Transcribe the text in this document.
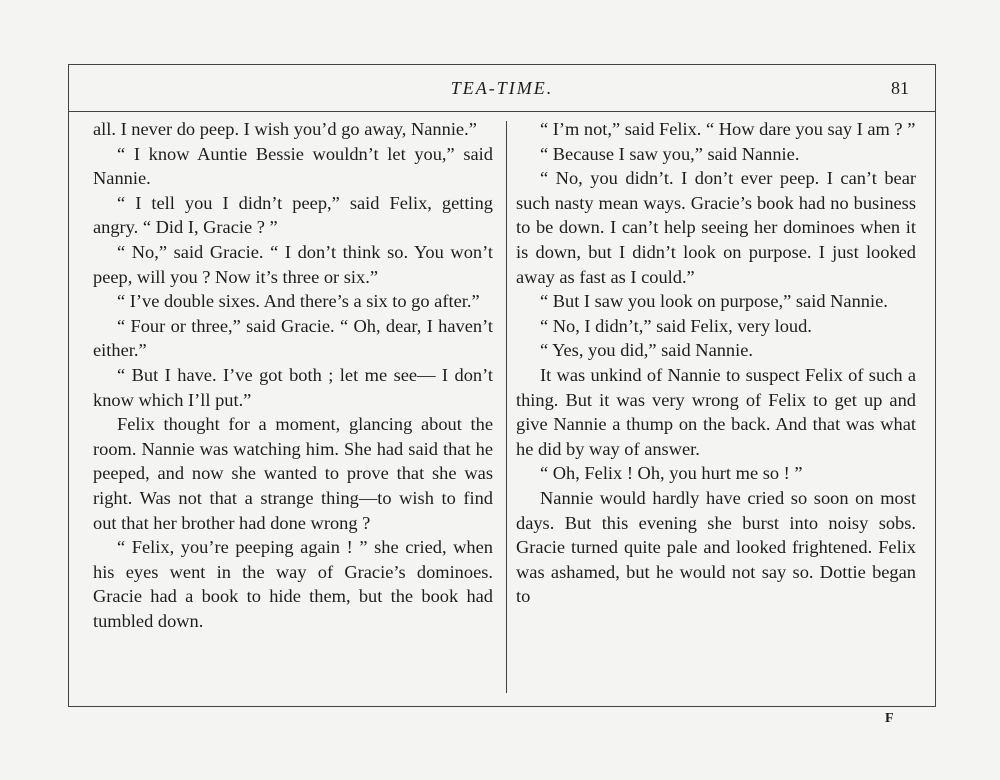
TEA-TIME.	81

all. I never do peep. I wish you’d go away, Nannie.”

“ I know Auntie Bessie wouldn’t let you,” said Nannie.

“ I tell you I didn’t peep,” said Felix, getting angry. “ Did I, Gracie ? ”

“ No,” said Gracie. “ I don’t think so. You won’t peep, will you ? Now it’s three or six.”

“ I’ve double sixes. And there’s a six to go after.”

“ Four or three,” said Gracie. “ Oh, dear, I haven’t either.”

“ But I have. I’ve got both ; let me see— I don’t know which I’ll put.”

Felix thought for a moment, glancing about the room. Nannie was watching him. She had said that he peeped, and now she wanted to prove that she was right. Was not that a strange thing—to wish to find out that her brother had done wrong ?

“ Felix, you’re peeping again ! ” she cried, when his eyes went in the way of Gracie’s dominoes. Gracie had a book to hide them, but the book had tumbled down.

“ I’m not,” said Felix. “ How dare you say I am ? ”

“ Because I saw you,” said Nannie.

“ No, you didn’t. I don’t ever peep. I can’t bear such nasty mean ways. Gracie’s book had no business to be down. I can’t help seeing her dominoes when it is down, but I didn’t look on purpose. I just looked away as fast as I could.”

“ But I saw you look on purpose,” said Nannie.

“ No, I didn’t,” said Felix, very loud.

“ Yes, you did,” said Nannie.

It was unkind of Nannie to suspect Felix of such a thing. But it was very wrong of Felix to get up and give Nannie a thump on the back. And that was what he did by way of answer.

“ Oh, Felix ! Oh, you hurt me so ! ”

Nannie would hardly have cried so soon on most days. But this evening she burst into noisy sobs. Gracie turned quite pale and looked frightened. Felix was ashamed, but he would not say so. Dottie began to

F
